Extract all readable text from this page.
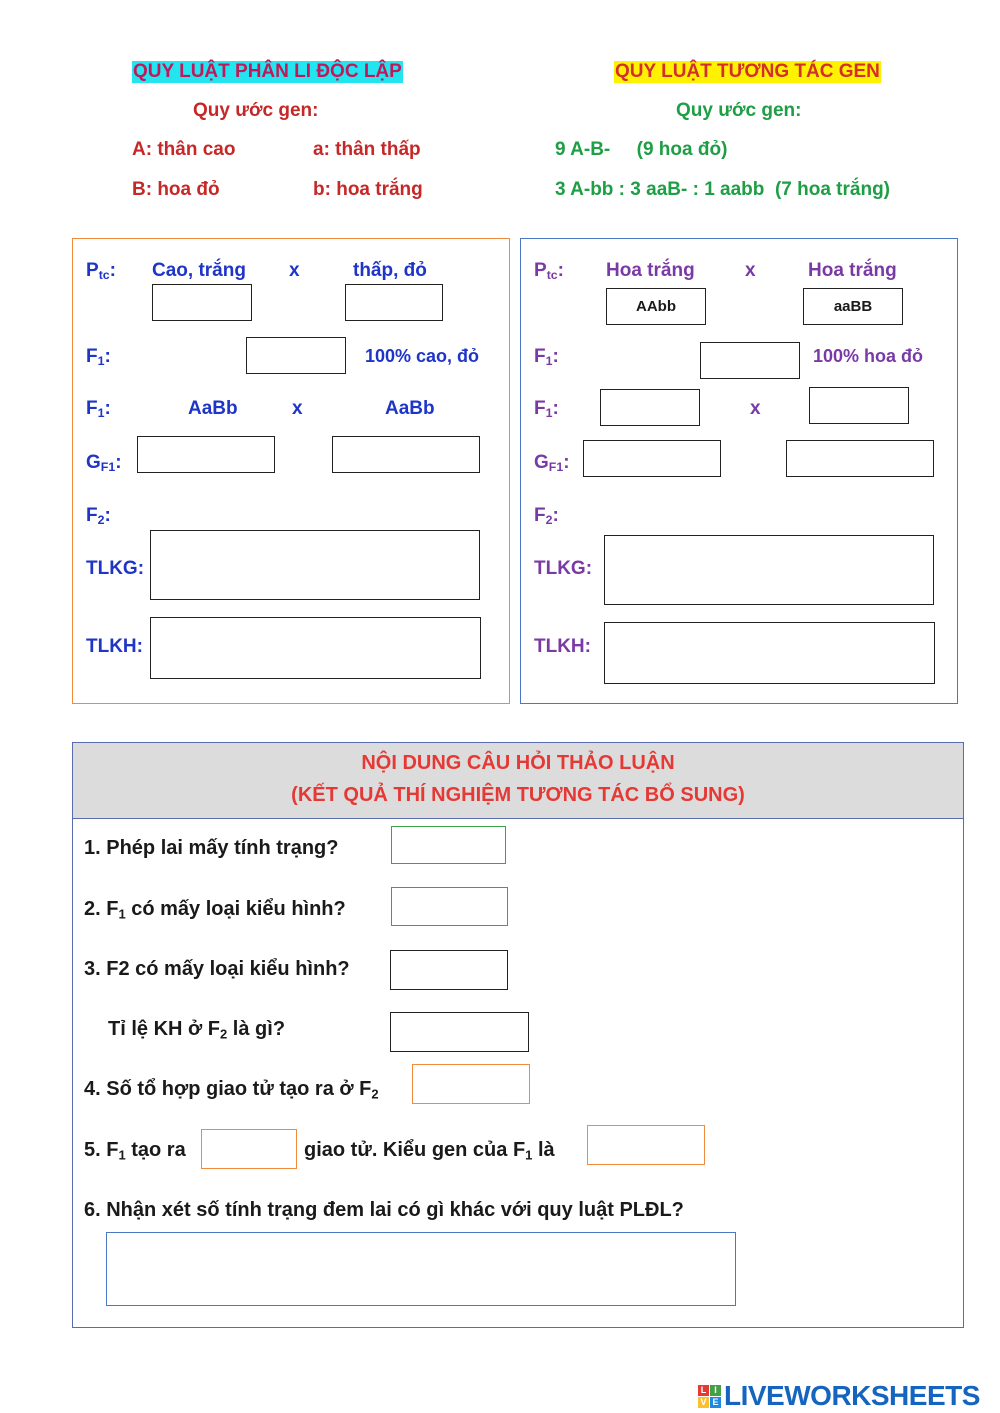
QUY LUẬT PHÂN LI ĐỘC LẬP	QUY LUẬT TƯƠNG TÁC GEN
Quy ước gen:	Quy ước gen:
A: thân cao	a: thân thấp
B: hoa đỏ	b: hoa trắng
9 A-B-     (9 hoa đỏ)
3 A-bb : 3 aaB- : 1 aabb  (7 hoa trắng)
$P_{tc}$: Cao, trắng x	thấp, đỏ
$F_1$:	100% cao, đỏ
$F_1$:	AaBb	x	AaBb
$G_{F1}$:
$F_2$:
TLKG:
TLKH:
$P_{tc}$: Hoa trắng	x	Hoa trắng
AAbb	aaBB
$F_1$:	100% hoa đỏ
$F_1$:	x
$G_{F1}$:
$F_2$:
TLKG:
TLKH:
NỘI DUNG CÂU HỎI THẢO LUẬN
(KẾT QUẢ THÍ NGHIỆM TƯƠNG TÁC BỔ SUNG)
1. Phép lai mấy tính trạng?
2. $F_1$ có mấy loại kiểu hình?
3. F2 có mấy loại kiểu hình?
Tỉ lệ KH ở $F_2$ là gì?
4. Số tổ hợp giao tử tạo ra ở $F_2$
5. $F_1$ tạo ra	giao tử. Kiểu gen của $F_1$ là
6. Nhận xét số tính trạng đem lai có gì khác với quy luật PLĐL?
L I
V E LIVEWORKSHEETS
